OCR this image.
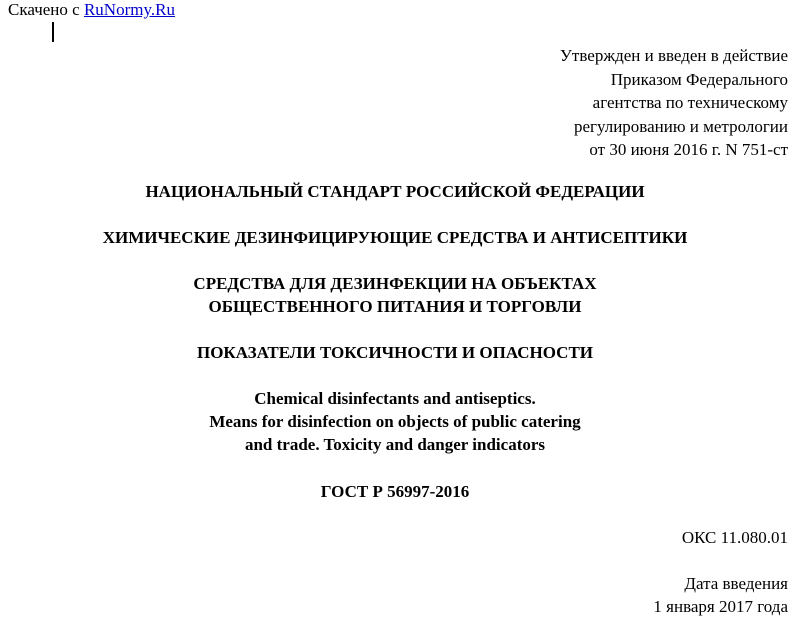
Скачено с RuNormy.Ru
Утвержден и введен в действие
Приказом Федерального
агентства по техническому
регулированию и метрологии
от 30 июня 2016 г. N 751-ст
НАЦИОНАЛЬНЫЙ СТАНДАРТ РОССИЙСКОЙ ФЕДЕРАЦИИ
ХИМИЧЕСКИЕ ДЕЗИНФИЦИРУЮЩИЕ СРЕДСТВА И АНТИСЕПТИКИ
СРЕДСТВА ДЛЯ ДЕЗИНФЕКЦИИ НА ОБЪЕКТАХ
ОБЩЕСТВЕННОГО ПИТАНИЯ И ТОРГОВЛИ
ПОКАЗАТЕЛИ ТОКСИЧНОСТИ И ОПАСНОСТИ
Chemical disinfectants and antiseptics.
Means for disinfection on objects of public catering
and trade. Toxicity and danger indicators
ГОСТ Р 56997-2016
ОКС 11.080.01
Дата введения
1 января 2017 года
